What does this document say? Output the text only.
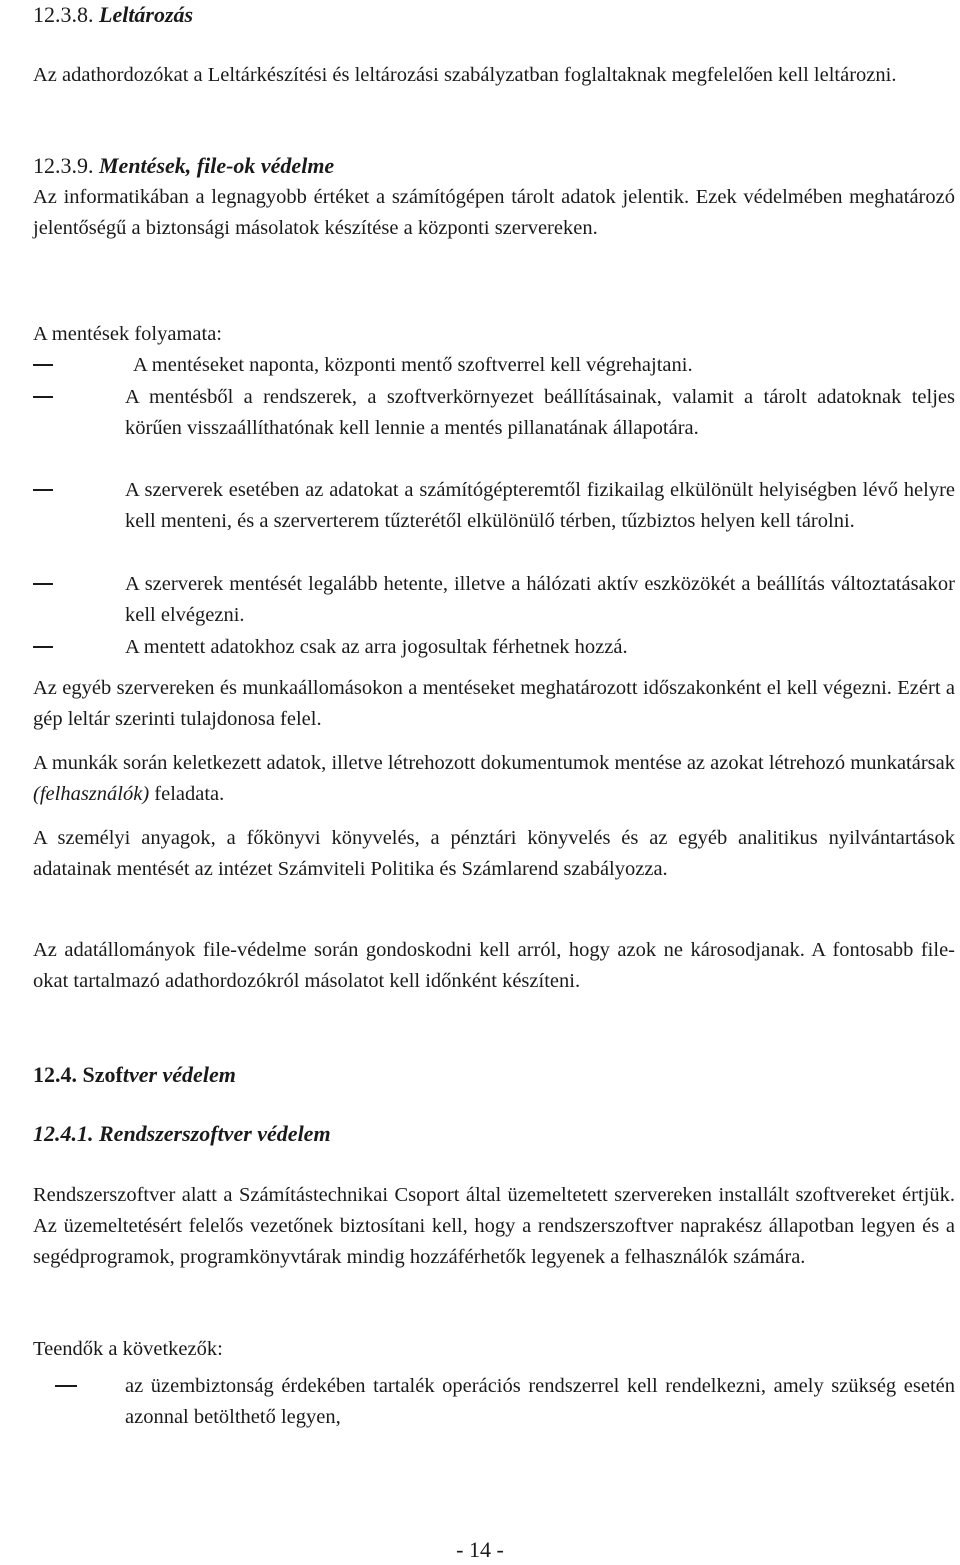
12.3.8. Leltározás
Az adathordozókat a Leltárkészítési és leltározási szabályzatban foglaltaknak megfelelően kell leltározni.
12.3.9. Mentések, file-ok védelme
Az informatikában a legnagyobb értéket a számítógépen tárolt adatok jelentik. Ezek védelmében meghatározó jelentőségű a biztonsági másolatok készítése a központi szervereken.
A mentések folyamata:
A mentéseket naponta, központi mentő szoftverrel kell végrehajtani.
A mentésből a rendszerek, a szoftverkörnyezet beállításainak, valamit a tárolt adatoknak teljes körűen visszaállíthatónak kell lennie a mentés pillanatának állapotára.
A szerverek esetében az adatokat a számítógépteremtől fizikailag elkülönült helyiségben lévő helyre kell menteni, és a szerverterem tűzterétől elkülönülő térben, tűzbiztos helyen kell tárolni.
A szerverek mentését legalább hetente, illetve a hálózati aktív eszközökét a beállítás változtatásakor kell elvégezni.
A mentett adatokhoz csak az arra jogosultak férhetnek hozzá.
Az egyéb szervereken és munkaállomásokon a mentéseket meghatározott időszakonként el kell végezni. Ezért a gép leltár szerinti tulajdonosa felel.
A munkák során keletkezett adatok, illetve létrehozott dokumentumok mentése az azokat létrehozó munkatársak (felhasználók) feladata.
A személyi anyagok, a főkönyvi könyvelés, a pénztári könyvelés és az egyéb analitikus nyilvántartások adatainak mentését az intézet Számviteli Politika és Számlarend szabályozza.
Az adatállományok file-védelme során gondoskodni kell arról, hogy azok ne károsodjanak. A fontosabb file-okat tartalmazó adathordozókról másolatot kell időnként készíteni.
12.4. Szoftver védelem
12.4.1. Rendszerszoftver védelem
Rendszerszoftver alatt a Számítástechnikai Csoport által üzemeltetett szervereken installált szoftvereket értjük. Az üzemeltetésért felelős vezetőnek biztosítani kell, hogy a rendszerszoftver naprakész állapotban legyen és a segédprogramok, programkönyvtárak mindig hozzáférhetők legyenek a felhasználók számára.
Teendők a következők:
az üzembiztonság érdekében tartalék operációs rendszerrel kell rendelkezni, amely szükség esetén azonnal betölthető legyen,
- 14 -
